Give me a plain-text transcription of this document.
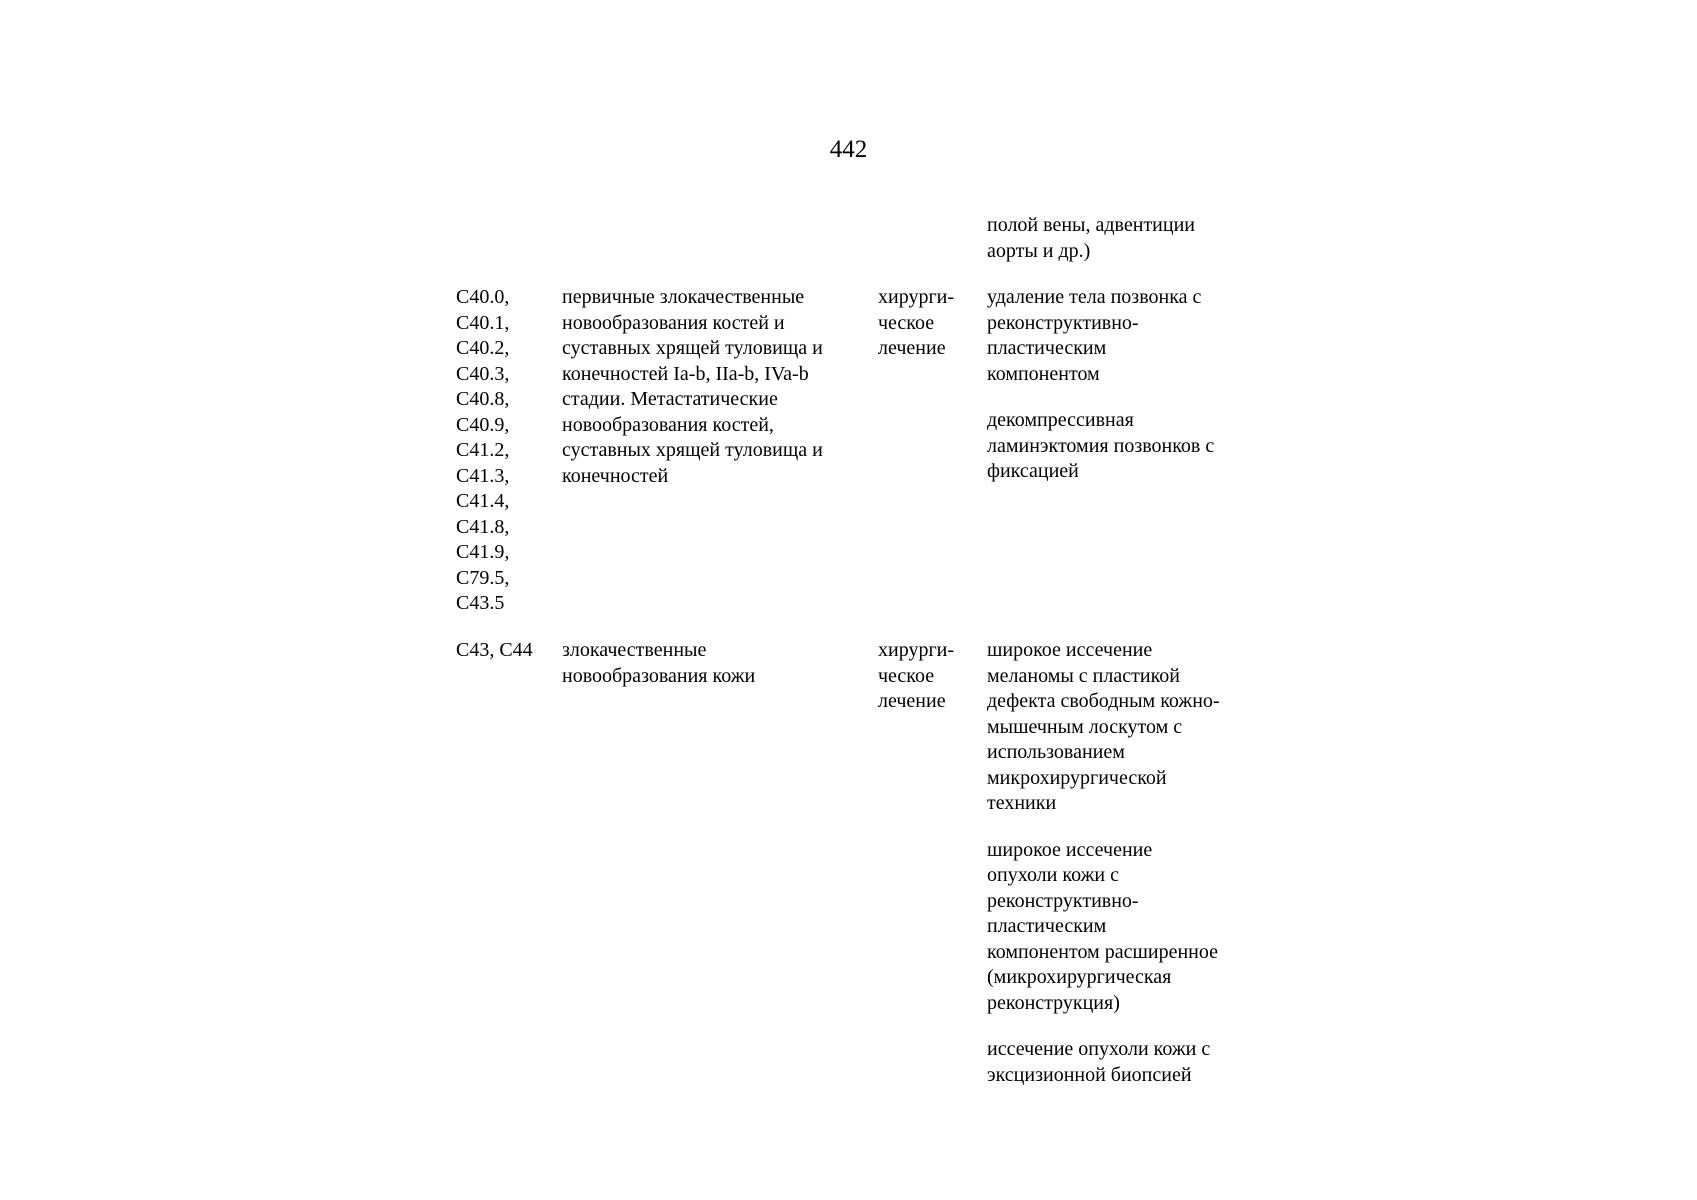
442
полой вены, адвентиции
аорты и др.)
C40.0,
C40.1,
C40.2,
C40.3,
C40.8,
C40.9,
C41.2,
C41.3,
C41.4,
C41.8,
C41.9,
C79.5,
C43.5
первичные злокачественные
новообразования костей и
суставных хрящей туловища и
конечностей Ia-b, IIa-b, IVa-b
стадии. Метастатические
новообразования костей,
суставных хрящей туловища и
конечностей
хирурги-
ческое
лечение
удаление тела позвонка с
реконструктивно-
пластическим
компонентом
декомпрессивная
ламинэктомия позвонков с
фиксацией
C43, C44	злокачественные
новообразования кожи
хирурги-
ческое
лечение
широкое иссечение
меланомы с пластикой
дефекта свободным кожно-
мышечным лоскутом с
использованием
микрохирургической
техники
широкое иссечение
опухоли кожи с
реконструктивно-
пластическим
компонентом расширенное
(микрохирургическая
реконструкция)
иссечение опухоли кожи с
эксцизионной биопсией
